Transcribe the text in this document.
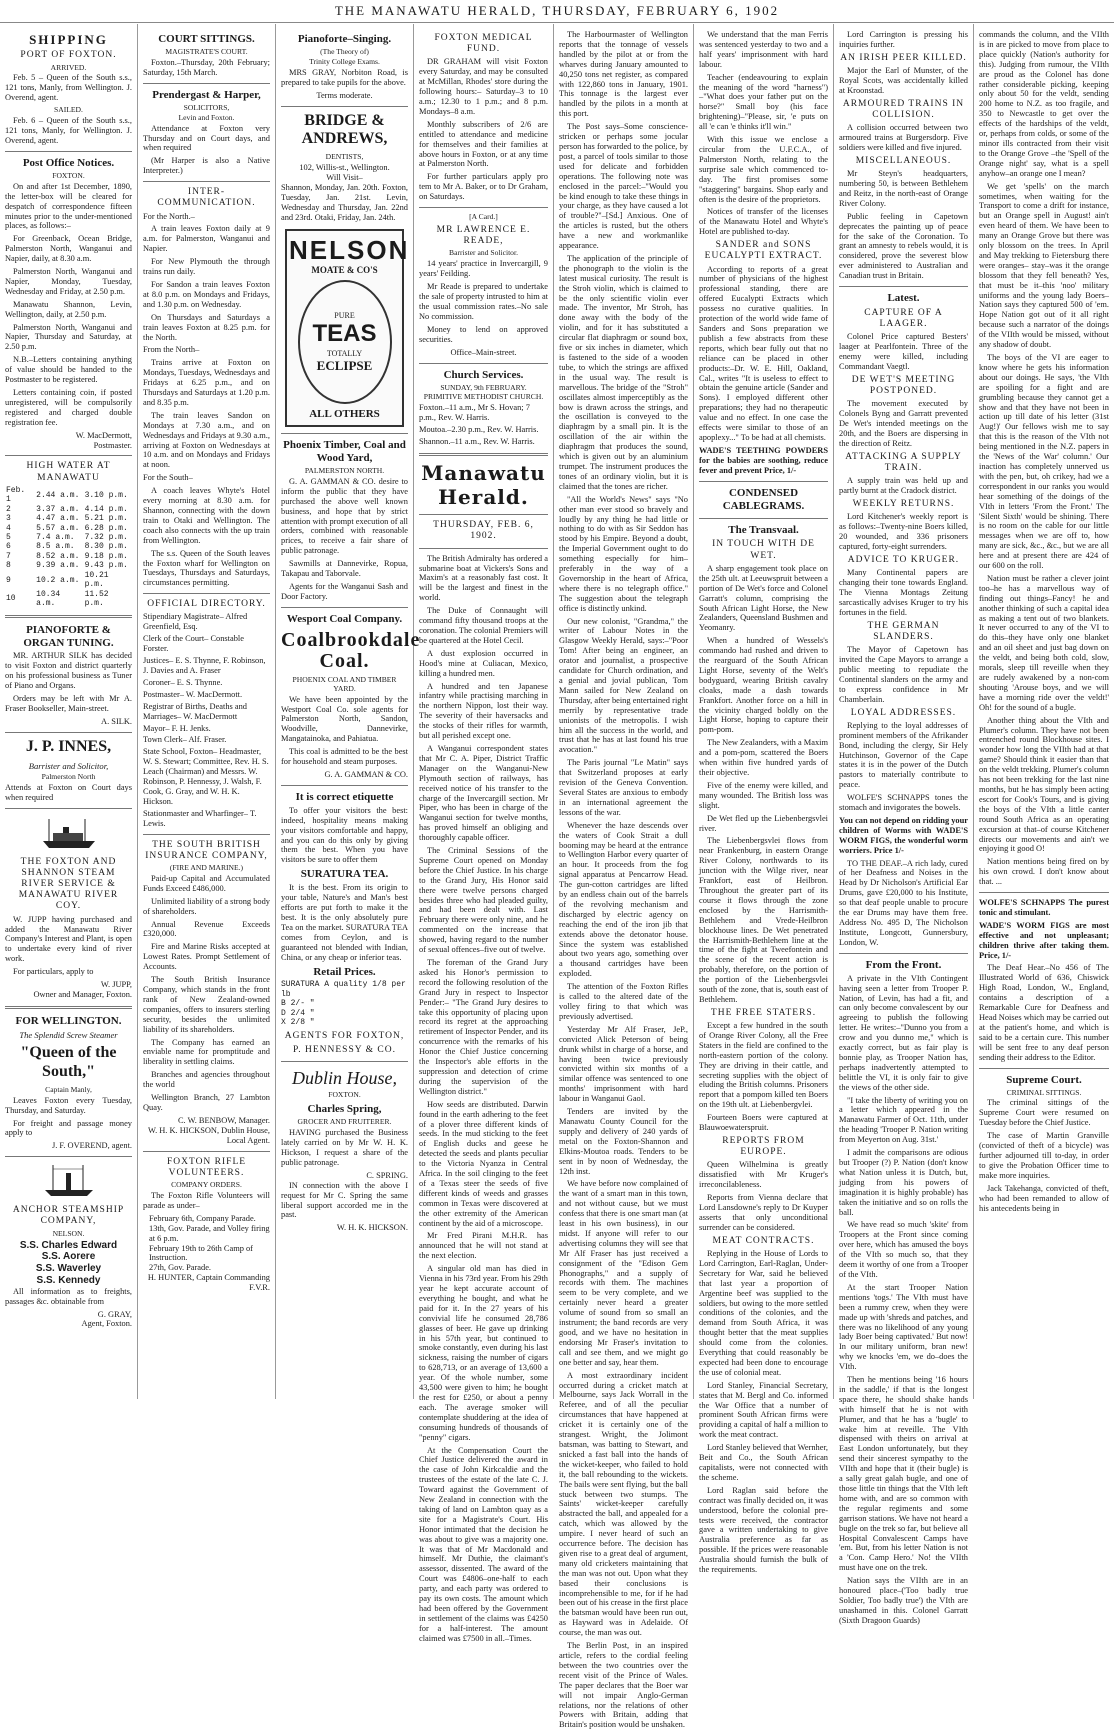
THE MANAWATU HERALD, THURSDAY, FEBRUARY 6, 1902
SHIPPING
PORT OF FOXTON.
ARRIVED.

Feb. 5 – Queen of the South s.s., 121 tons, Manly, from Wellington. J. Overend, agent.

SAILED.

Feb. 6 – Queen of the South s.s., 121 tons, Manly, for Wellington. J. Overend, agent.

Post Office Notices.
FOXTON.

On and after 1st December, 1890, the letter-box will be cleared for despatch of correspondence fifteen minutes prior to the under-mentioned places, as follows:–

For Greenback, Ocean Bridge, Palmerston North, Wanganui and Napier, daily, at 8.30 a.m.

Palmerston North, Wanganui and Napier, Monday, Tuesday, Wednesday and Friday, at 2.50 p.m.

Manawatu Shannon, Levin, Wellington, daily, at 2.50 p.m.

Palmerston North, Wanganui and Napier, Thursday and Saturday, at 2.50 p.m.

N.B.–Letters containing anything of value should be handed to the Postmaster to be registered.

Letters containing coin, if posted unregistered, will be compulsorily registered and charged double registration fee.

W. MacDermott,
Postmaster.
HIGH WATER AT MANAWATU
Feb. 1	2.44 a.m.	3.10 p.m.
2	3.37 a.m.	4.14 p.m.
3	4.47 a.m.	5.21 p.m.
4	5.57 a.m.	6.28 p.m.
5	7.4 a.m.	7.32 p.m.
6	8.5 a.m.	8.30 p.m.
7	8.52 a.m.	9.18 p.m.
8	9.39 a.m.	9.43 p.m.
9	10.2 a.m.	10.21 p.m.
10	10.34 a.m.	11.52 p.m.
PIANOFORTE & ORGAN TUNING.

MR. ARTHUR SILK has decided to visit Foxton and district quarterly on his professional business as Tuner of Piano and Organs.

Orders may be left with Mr A. Fraser Bookseller, Main-street.

A. SILK.
J. P. INNES,
Barrister and Solicitor,
Palmerston North

Attends at Foxton on Court days when required

THE FOXTON AND SHANNON STEAM RIVER SERVICE & MANAWATU RIVER COY.

W. JUPP having purchased and added the Manawatu River Company's Interest and Plant, is open to undertake every kind of river work.

For particulars, apply to

W. JUPP,
Owner and Manager, Foxton.
FOR WELLINGTON.
The Splendid Screw Steamer
"Queen of the South,"
Captain Manly,

Leaves Foxton every Tuesday, Thursday, and Saturday.

For freight and passage money apply to

J. F. OVEREND, agent.
ANCHOR STEAMSHIP COMPANY,
NELSON.
S.S. Charles Edward
S.S. Aorere
S.S. Waverley
S.S. Kennedy

All information as to freights, passages &c. obtainable from

G. GRAY,
Agent, Foxton.
COURT SITTINGS.
MAGISTRATE'S COURT.

Foxton.–Thursday, 20th February; Saturday, 15th March.

Prendergast & Harper,
SOLICITORS,
Levin and Foxton.

Attendance at Foxton very Thursday and on Court days, and when required

(Mr Harper is also a Native Interpreter.)

INTER-COMMUNICATION.

For the North.–

A train leaves Foxton daily at 9 a.m. for Palmerston, Wanganui and Napier.

For New Plymouth the through trains run daily.

For Sandon a train leaves Foxton at 8.0 p.m. on Mondays and Fridays, and 1.30 p.m. on Wednesday.

On Thursdays and Saturdays a train leaves Foxton at 8.25 p.m. for the North.

From the North–

Trains arrive at Foxton on Mondays, Tuesdays, Wednesdays and Fridays at 6.25 p.m., and on Thursdays and Saturdays at 1.20 p.m. and 8.35 p.m.

The train leaves Sandon on Mondays at 7.30 a.m., and on Wednesdays and Fridays at 9.30 a.m., arriving at Foxton on Wednesdays at 10 a.m. and on Mondays and Fridays at noon.

For the South–

A coach leaves Whyte's Hotel every morning at 8.30 a.m. for Shannon, connecting with the down train to Otaki and Wellington. The coach also connects with the up train from Wellington.

The s.s. Queen of the South leaves the Foxton wharf for Wellington on Tuesdays, Thursdays and Saturdays, circumstances permitting.

OFFICIAL DIRECTORY.
Stipendiary Magistrate– Alfred Greenfield, Esq.
Clerk of the Court– Constable Forster.
Justices– E. S. Thynne, F. Robinson, J. Davies and A. Fraser
Coroner– E. S. Thynne.
Postmaster– W. MacDermott.
Registrar of Births, Deaths and Marriages– W. MacDermott
Mayor– F. H. Jenks.
Town Clerk– Alf. Fraser.
State School, Foxton– Headmaster, W. S. Stewart; Committee, Rev. H. S. Leach (Chairman) and Messrs. W. Robinson, P. Hennessy, J. Walsh, F. Cook, G. Gray, and W. H. K. Hickson.
Stationmaster and Wharfinger– T. Lewis.
THE SOUTH BRITISH INSURANCE COMPANY,
(FIRE AND MARINE.)

Paid-up Capital and Accumulated Funds Exceed £486,000.

Unlimited liability of a strong body of shareholders.

Annual Revenue Exceeds £320,000.

Fire and Marine Risks accepted at Lowest Rates. Prompt Settlement of Accounts.

The South British Insurance Company, which stands in the front rank of New Zealand-owned companies, offers to insurers sterling security, besides the unlimited liability of its shareholders.

The Company has earned an enviable name for promptitude and liberality in settling claims.

Branches and agencies throughout the world

Wellington Branch, 27 Lambton Quay.

C. W. BENBOW, Manager.
W. H. K. HICKSON, Dublin House, Local Agent.
FOXTON RIFLE VOLUNTEERS.
COMPANY ORDERS.

The Foxton Rifle Volunteers will parade as under–

February 6th, Company Parade.
13th, Gov. Parade, and Volley firing at 6 p.m.
February 19th to 26th Camp of Instruction.
27th, Gov. Parade.
H. HUNTER, Captain Commanding F.V.R.
Pianoforte–Singing.
(The Theory of)
Trinity College Exams.

MRS GRAY, Norbiton Road, is prepared to take pupils for the above.

Terms moderate.
BRIDGE & ANDREWS,
DENTISTS,
102, Willis-st., Wellington.
Will Visit–

Shannon, Monday, Jan. 20th. Foxton, Tuesday, Jan. 21st. Levin, Wednesday and Thursday, Jan. 22nd and 23rd. Otaki, Friday, Jan. 24th.

NELSON
MOATE & CO'S
PURE
TEAS
TOTALLY
ECLIPSE
ALL OTHERS
Phoenix Timber, Coal and Wood Yard,
PALMERSTON NORTH.

G. A. GAMMAN & CO. desire to inform the public that they have purchased the above well known business, and hope that by strict attention with prompt execution of all orders, combined with reasonable prices, to receive a fair share of public patronage.

Sawmills at Dannevirke, Ropua, Takapau and Taborvale.

Agents for the Wanganui Sash and Door Factory.

Wesport Coal Company.
Coalbrookdale Coal.
PHOENIX COAL AND TIMBER YARD.

We have been appointed by the Westport Coal Co. sole agents for Palmerston North, Sandon, Woodville, Dannevirke, Mangatainoka, and Pahiatua.

This coal is admitted to be the best for household and steam purposes.

G. A. GAMMAN & CO.
It is correct etiquette

To offer your visitors the best: indeed, hospitality means making your visitors comfortable and happy, and you can do this only by giving them the best. When you have visitors be sure to offer them

SURATURA TEA.

It is the best. From its origin to your table, Nature's and Man's best efforts are put forth to make it the best. It is the only absolutely pure Tea on the market. SURATURA TEA comes from Ceylon, and is guaranteed not blended with Indian, China, or any cheap or inferior teas.

Retail Prices.
SURATURA A quality 1/8 per lb
B 2/- "
D 2/4 "
X 2/8 "
AGENTS FOR FOXTON,
P. HENNESSY & CO.
Dublin House,
FOXTON.
Charles Spring,
GROCER AND FRUITERER.

HAVING purchased the Business lately carried on by Mr W. H. K. Hickson, I request a share of the public patronage.

C. SPRING.

IN connection with the above I request for Mr C. Spring the same liberal support accorded me in the past.

W. H. K. HICKSON.
FOXTON MEDICAL FUND.

DR GRAHAM will visit Foxton every Saturday, and may be consulted at McMillan, Rhodes' store during the following hours:– Saturday–3 to 10 a.m.; 12.30 to 1 p.m.; and 8 p.m. Mondays–8 a.m.

Monthly subscribers of 2/6 are entitled to attendance and medicine for themselves and their families at above hours in Foxton, or at any time at Palmerston North.

For further particulars apply pro tem to Mr A. Baker, or to Dr Graham, on Saturdays.

[A Card.]
MR LAWRENCE E. READE,
Barrister and Solicitor.

14 years' practice in Invercargill, 9 years' Feilding.

Mr Reade is prepared to undertake the sale of property intrusted to him at the usual commission rates.–No sale No commission.

Money to lend on approved securities.

Office–Main-street.
Church Services.
SUNDAY, 9th FEBRUARY.
PRIMITIVE METHODIST CHURCH.
Foxton.–11 a.m., Mr S. Hovan; 7 p.m., Rev. W. Harris.
Moutoa.–2.30 p.m., Rev. W. Harris.
Shannon.–11 a.m., Rev. W. Harris.
Manawatu Herald.
THURSDAY, FEB. 6, 1902.

The British Admiralty has ordered a submarine boat at Vickers's Sons and Maxim's at a reasonably fast cost. It will be the largest and finest in the world.

The Duke of Connaught will command fifty thousand troops at the coronation. The colonial Premiers will be quartered at the Hotel Cecil.

A dust explosion occurred in Hood's mine at Culiacan, Mexico, killing a hundred men.

A hundred and ten Japanese infantry while practising marching in the northern Nippon, lost their way. The severity of their haversacks and the stocks of their rifles for warmth, but all perished except one.

A Wanganui correspondent states that Mr C. A. Piper, District Traffic Manager on the Wanganui-New Plymouth section of railways, has received notice of his transfer to the charge of the Invercargill section. Mr Piper, who has been in charge of the Wanganui section for twelve months, has proved himself an obliging and thoroughly capable officer.

The Criminal Sessions of the Supreme Court opened on Monday before the Chief Justice. In his charge to the Grand Jury, His Honor said there were twelve persons charged besides three who had pleaded guilty, and had been dealt with. Last February there were only nine, and he commented on the increase that showed, having regard to the number of sexual offences–five out of twelve.

The foreman of the Grand Jury asked his Honor's permission to record the following resolution of the Grand Jury in respect to Inspector Pender:– "The Grand Jury desires to take this opportunity of placing upon record its regret at the approaching retirement of Inspector Pender, and its concurrence with the remarks of his Honor the Chief Justice concerning the Inspector's able efforts in the suppression and detection of crime during the supervision of the Wellington district."

How seeds are distributed. Darwin found in the earth adhering to the feet of a plover three different kinds of seeds. In the mud sticking to the feet of English ducks and geese he detected the seeds and plants peculiar to the Victoria Nyanza in Central Africa. In the soil clinging to the feet of a Texas steer the seeds of five different kinds of weeds and grasses common in Texas were discovered at the other extremity of the American continent by the aid of a microscope.

Mr Fred Pirani M.H.R. has announced that he will not stand at the next election.

A singular old man has died in Vienna in his 73rd year. From his 29th year he kept accurate account of everything he bought, and what he paid for it. In the 27 years of his convivial life he consumed 28,786 glasses of beer. He gave up drinking in his 57th year, but continued to smoke constantly, even during his last sickness, raising the number of cigars to 628,713, or an average of 13,600 a year. Of the whole number, some 43,500 were given to him; he bought the rest for £250, or about a penny each. The average smoker will contemplate shuddering at the idea of consuming hundreds of thousands of "penny" cigars.

At the Compensation Court the Chief Justice delivered the award in the case of John Kirkcaldie and the trustees of the estate of the late C. J. Toward against the Government of New Zealand in connection with the taking of land on Lambton quay as a site for a Magistrate's Court. His Honor intimated that the decision he was about to give was a majority one. It was that of Mr Macdonald and himself. Mr Duthie, the claimant's assessor, dissented. The award of the Court was £4806–one-half to each party, and each party was ordered to pay its own costs. The amount which had been offered by the Government in settlement of the claims was £4250 for a half-interest. The amount claimed was £7500 in all.–Times.

The Harbourmaster of Wellington reports that the tonnage of vessels handled by the pilot at or from the wharves during January amounted to 40,250 tons net register, as compared with 122,860 tons in January, 1901. This tonnage is the largest ever handled by the pilots in a month at this port.

The Post says–Some conscience-stricken or perhaps some jocular person has forwarded to the police, by post, a parcel of tools similar to those used for delicate and forbidden operations. The following note was enclosed in the parcel:–"Would you be kind enough to take these things in your charge, as they have caused a lot of trouble?"–[Sd.] Anxious. One of the articles is rusted, but the others have a new and workmanlike appearance.

The application of the principle of the phonograph to the violin is the latest musical curiosity. The result is the Stroh violin, which is claimed to be the only scientific violin ever made. The inventor, Mr Stroh, has done away with the body of the violin, and for it has substituted a circular flat diaphragm or sound box, five or six inches in diameter, which is fastened to the side of a wooden tube, to which the strings are affixed in the usual way. The result is marvellous. The bridge of the "Stroh" oscillates almost imperceptibly as the bow is drawn across the strings, and the oscillation is conveyed to the diaphragm by a small pin. It is the oscillation of the air within the diaphragm that produces the sound, which is given out by an aluminium trumpet. The instrument produces the tones of an ordinary violin, but it is claimed that the tones are richer.

"All the World's News" says "No other man ever stood so bravely and loudly by any thing he had little or nothing to do with as Sir Seddon has stood by his Empire. Beyond a doubt, the Imperial Government ought to do something especially for him–preferably in the way of a Governorship in the heart of Africa, where there is no telegraph office." The suggestion about the telegraph office is distinctly unkind.

Our new colonist, "Grandma," the writer of Labour Notes in the Glasgow Weekly Herald, says:–"Poor Tom! After being an engineer, an orator and journalist, a prospective candidate for Church ordination, and a genial and jovial publican, Tom Mann sailed for New Zealand on Thursday, after being entertained right merrily by representative trade unionists of the metropolis. I wish him all the success in the world, and trust that he has at last found his true avocation."

The Paris journal "Le Matin" says that Switzerland proposes at early revision of the Geneva Convention. Several States are anxious to embody in an international agreement the lessons of the war.

Whenever the haze descends over the waters of Cook Strait a dull booming may be heard at the entrance to Wellington Harbor every quarter of an hour. It proceeds from the fog signal apparatus at Pencarrow Head. The gun-cotton cartridges are lifted by an endless chain out of the barrels of the revolving mechanism and discharged by electric agency on reaching the end of the iron jib that extends above the detonator house. Since the system was established about two years ago, something over a thousand cartridges have been exploded.

The attention of the Foxton Rifles is called to the altered date of the volley firing to that which was previously advertised.

Yesterday Mr Alf Fraser, JeP., convicted Alick Peterson of being drunk whilst in charge of a horse, and having been twice previously convicted within six months of a similar offence was sentenced to one months' imprisonment with hard labour in Wanganui Gaol.

Tenders are invited by the Manawatu County Council for the supply and delivery of 240 yards of metal on the Foxton-Shannon and Elkins-Moutoa roads. Tenders to be sent in by noon of Wednesday, the 12th inst.

We have before now complained of the want of a smart man in this town, and not without cause, but we must confess that there is one smart man (at least in his own business), in our midst. If anyone will refer to our advertising columns they will see that Mr Alf Fraser has just received a consignment of the "Edison Gem Phonographs," and a supply of records with them. The machines seem to be very complete, and we certainly never heard a greater volume of sound from so small an instrument; the band records are very good, and we have no hesitation in endorsing Mr Fraser's invitation to call and see them, and we might go one better and say, hear them.

A most extraordinary incident occurred during a cricket match at Melbourne, says Jack Worrall in the Referee, and of all the peculiar circumstances that have happened at cricket it is certainly one of the strangest. Wright, the Jolimont batsman, was batting to Stewart, and snicked a fast ball into the hands of the wicket-keeper, who failed to hold it, the ball rebounding to the wickets. The bails were sent flying, but the ball stuck between two stumps. The Saints' wicket-keeper carefully abstracted the ball, and appealed for a catch, which was allowed by the umpire. I never heard of such an occurrence before. The decision has given rise to a great deal of argument, many old cricketers maintaining that the man was not out. Upon what they based their conclusions is incomprehensible to me, for if he had been out of his crease in the first place the batsman would have been run out, as Hayward was in Adelaide. Of course, the man was out.

The Berlin Post, in an inspired article, refers to the cordial feeling between the two countries over the recent visit of the Prince of Wales. The paper declares that the Boer war will not impair Anglo-German relations, nor the relations of other Powers with Britain, adding that Britain's position would be unshaken.

We understand that the man Ferris was sentenced yesterday to two and a half years' imprisonment with hard labour.

Teacher (endeavouring to explain the meaning of the word "harness") –"What does your father put on the horse?" Small boy (his face brightening)–"Please, sir, 'e puts on all 'e can 'e thinks it'll win."

With this issue we enclose a circular from the U.F.C.A., of Palmerston North, relating to the surprise sale which commenced to-day. The first promises some "staggering" bargains. Shop early and often is the desire of the proprietors.

Notices of transfer of the licenses of the Manawatu Hotel and Whyte's Hotel are published to-day.

SANDER and SONS EUCALYPTI EXTRACT.

According to reports of a great number of physicians of the highest professional standing, there are offered Eucalypti Extracts which possess no curative qualities. In protection of the world wide fame of Sanders and Sons preparation we publish a few abstracts from these reports, which bear fully out that no reliance can be placed in other products:–Dr. W. E. Hill, Oakland, Cal., writes "It is useless to effect to obtain the genuine article (Sander and Sons). I employed different other preparations; they had no therapeutic value and no effect. In one case the effects were similar to those of an apoplexy..." To be had at all chemists.

WADE'S TEETHING POWDERS for the babies are soothing, reduce fever and prevent Price, 1/-

CONDENSED CABLEGRAMS.
The Transvaal.
IN TOUCH WITH DE WET.

A sharp engagement took place on the 25th ult. at Leeuwspruit between a portion of De Wet's force and Colonel Garratt's column, comprising the South African Light Horse, the New Zealanders, Queensland Bushmen and Yeomanry.

When a hundred of Wessels's commando had rushed and driven to the rearguard of the South African Light Horse, seventy of the Welt's bodyguard, wearing British cavalry cloaks, made a dash towards Frankfort. Another force on a hill in the vicinity charged boldly on the Light Horse, hoping to capture their pom-pom.

The New Zealanders, with a Maxim and a pom-pom, scattered the Boers when within five hundred yards of their objective.

Five of the enemy were killed, and many wounded. The British loss was slight.

De Wet fled up the Liebenbergsvlei river.

The Liebenbergsvlei flows from near Frankenburg, in eastern Orange River Colony, northwards to its junction with the Wilge river, near Frankfort, east of Heilbron. Throughout the greater part of its course it flows through the zone enclosed by the Harrismith-Bethlehem and Vrede-Heilbron blockhouse lines. De Wet penetrated the Harrismith-Bethlehem line at the time of the fight at Tweefontein and the scene of the recent action is probably, therefore, on the portion of the portion of the Liebenbergsvlei south of the zone, that is, south east of Bethlehem.

THE FREE STATERS.

Except a few hundred in the south of Orange River Colony, all the Free Staters in the field are confined to the north-eastern portion of the colony. They are driving in their cattle, and secreting supplies with the object of eluding the British columns. Prisoners report that a pompom killed ten Boers on the 19th ult. at Liebenbergvlei.

Fourteen Boers were captured at Blauwoewaterspruit.

REPORTS FROM EUROPE.

Queen Wilhelmina is greatly dissatisfied with Mr Kruger's irreconcilableness.

Reports from Vienna declare that Lord Lansdowne's reply to Dr Kuyper asserts that only unconditional surrender can be considered.

MEAT CONTRACTS.

Replying in the House of Lords to Lord Carrington, Earl-Raglan, Under-Secretary for War, said he believed that last year a proportion of Argentine beef was supplied to the soldiers, but owing to the more settled conditions of the colonies, and the demand from South Africa, it was thought better that the meat supplies should come from the colonies. Everything that could reasonably be expected had been done to encourage the use of colonial meat.

Lord Stanley, Financial Secretary, states that M. Bergl and Co. informed the War Office that a number of prominent South African firms were providing a capital of half a million to work the meat contract.

Lord Stanley believed that Wernher, Beit and Co., the South African capitalists, were not connected with the scheme.

Lord Raglan said before the contract was finally decided on, it was understood, before the colonial pre-tests were received, the contractor gave a written undertaking to give Australia preference as far as possible. If the prices were reasonable Australia should furnish the bulk of the requirements.

Lord Carrington is pressing his inquiries further.

AN IRISH PEER KILLED.

Major the Earl of Munster, of the Royal Scots, was accidentally killed at Kroonstad.

ARMOURED TRAINS IN COLLISION.

A collision occurred between two armoured trains at Burgersdorp. Five soldiers were killed and five injured.

MISCELLANEOUS.

Mr Steyn's headquarters, numbering 50, is between Bethlehem and Reitz, in the north-east of Orange River Colony.

Public feeling in Capetown deprecates the painting up of peace for the sake of the Coronation. To grant an amnesty to rebels would, it is considered, prove the severest blow ever administered to Australian and Canadian trust in Britain.

Latest.
CAPTURE OF A LAAGER.

Colonel Price captured Besters' laager at Pearlfontein. Three of the enemy were killed, including Commandant Vaegtl.

DE WET'S MEETING POSTPONED.

The movement executed by Colonels Byng and Garratt prevented De Wet's intended meetings on the 20th, and the Boers are dispersing in the direction of Reitz.

ATTACKING A SUPPLY TRAIN.

A supply train was held up and partly burnt at the Cradock district.

WEEKLY RETURNS.

Lord Kitchener's weekly report is as follows:–Twenty-nine Boers killed, 20 wounded, and 336 prisoners captured, forty-eight surrenders.

ADVICE TO KRUGER.

Many Continental papers are changing their tone towards England. The Vienna Montags Zeitung sarcastically advises Kruger to try his fortunes in the field.

THE GERMAN SLANDERS.

The Mayor of Capetown has invited the Cape Mayors to arrange a public meeting to repudiate the Continental slanders on the army and to express confidence in Mr Chamberlain.

LOYAL ADDRESSES.

Replying to the loyal addresses of prominent members of the Afrikander Bond, including the clergy, Sir Hely Hutchinson, Governor of the Cape states it is in the power of the Dutch pastors to materially contribute to peace.

WOLFE'S SCHNAPPS tones the stomach and invigorates the bowels.

You can not depend on ridding your children of Worms with WADE'S WORM FIGS, the wonderful worm worriers. Price 1/-

TO THE DEAF.–A rich lady, cured of her Deafness and Noises in the Head by Dr Nicholson's Artificial Ear Drums, gave £20,000 to his Institute, so that deaf people unable to procure the ear Drums may have them free. Address No. 495 D, The Nicholson Institute, Longcott, Gunnersbury, London, W.

From the Front.

A private in the VIth Contingent having seen a letter from Trooper P. Nation, of Levin, has had a fit, and can only become convalescent by our agreeing to publish the following letter. He writes:–"Dunno you from a crow and you dunno me," which is exactly correct, but as fair play is bonnie play, as Trooper Nation has, perhaps inadvertently attempted to belittle the VI, it is only fair to give the views of the other side.

"I take the liberty of writing you on a letter which appeared in the Manawatu Farmer of Oct. 11th, under the heading 'Trooper P. Nation writing from Meyerton on Aug. 31st.'

I admit the comparisons are odious but Trooper (?) P. Nation (don't know what Nation unless it is Dutch, but, judging from his powers of imagination it is highly probable) has taken the initiative and so on rolls the ball.

We have read so much 'skite' from Troopers at the Front since coming over here, which has amused the boys of the VIth so much so, that they deem it worthy of one from a Trooper of the VIth.

At the start Trooper Nation mentions 'togs.' The VIth must have been a rummy crew, when they were made up with 'shreds and patches, and there was no likelihood of any young lady Boer being captivated.' But now! In our military uniform, bran new! why we knocks 'em, we do–does the VIth.

Then he mentions being '16 hours in the saddle,' if that is the longest space there, he should shake hands with himself that he is not with Plumer, and that he has a 'bugle' to wake him at reveille. The VIth dispensed with theirs on arrival at East London unfortunately, but they send their sincerest sympathy to the VIIth and hope that it (their bugle) is a sally great galah bugle, and one of those little tin things that the VIth left home with, and are so common with the regular regiments and some garrison stations. We have not heard a bugle on the trek so far, but believe all Hospital Convalescent Camps have 'em. But, from his letter Nation is not a 'Con. Camp Hero.' No! the VIIth must have one on the trek.

Nation says the VIIth are in an honoured place–('Too badly true Soldier, Too badly true') the VIth are unashamed in this. Colonel Garratt (Sixth Dragoon Guards)

commands the column, and the VIIth is in are picked to move from place to place quickly (Nation's authority for this). Judging from rumour, the VIIth are proud as the Colonel has done rather considerable picking, keeping only about 50 for the veldt, sending 200 home to N.Z. as too fragile, and 350 to Newcastle to get over the effects of the hardships of the veldt, or, perhaps from colds, or some of the minor ills contracted from their visit to the Orange Grove –the 'Spell of the Orange night' say, what is a spell anyhow–an orange one I mean?

We get 'spells' on the march sometimes, when waiting for the Transport to come a drift for instance, but an Orange spell in August! ain't even heard of them. We have been to many an Orange Grove but there was only blossom on the trees. In April and May trekking to Fietersburg there were oranges– stay–was it the orange blossom that they fell beneath? Yes, that must be it–this 'noo' military uniforms and the young lady Boers–Nation says they captured 500 of 'em. Hope Nation got out of it all right because such a narrator of the doings of the VIIth would be missed, without any shadow of doubt.

The boys of the VI are eager to know where he gets his information about our doings. He says, 'the VIth are spoiling for a fight and are grumbling because they cannot get a show and that they have not been in action up till date of his letter (31st Aug!)' Our fellows wish me to say that this is the reason of the VIth not being mentioned in the N.Z. papers in the 'News of the War' column.' Our inaction has completely unnerved us with the pen, but, oh crikey, had we a correspondent in our ranks you would hear something of the doings of the VIth in letters 'From the Front.' The 'Silent Sixth' would be shining. There is no room on the cable for our little messages when we are off to, how many are sick, &c., &c., but we are all here and at present there are 424 of our 600 on the roll.

Nation must be rather a clever joint too–he has a marvellous way of finding out things–Fancy! he and another thinking of such a capital idea as making a tent out of two blankets. It never occurred to any of the VI to do this–they have only one blanket and an oil sheet and just bag down on the veldt, and being both cold, slow, morals, sleep till reveille when they are rudely awakened by a non-com shouting 'Arouse boys, and we will have a morning ride over the veldt!' Oh! for the sound of a bugle.

Another thing about the VIth and Plumer's column. They have not been entrenched round Blockhouse sites. I wonder how long the VIIth had at that game? Should think it easier than that on the veldt trekking. Plumer's column has not been trekking for the last nine months, but he has simply been acting escort for Cook's Tours, and is giving the boys of the VIth a little canter round South Africa as an operating excursion at that–of course Kitchener directs our movements and ain't we enjoying it good O!

Nation mentions being fired on by his own crowd. I don't know about that. ...

WOLFE'S SCHNAPPS The purest tonic and stimulant.

WADE'S WORM FIGS are most effective and not unpleasant; children thrive after taking them. Price, 1/-

The Deaf Hear.–No 456 of The Illustrated World of 636, Chiswick High Road, London, W., England, contains a description of a Remarkable Cure for Deafness and Head Noises which may be carried out at the patient's home, and which is said to be a certain cure. This number will be sent free to any deaf person sending their address to the Editor.

Supreme Court.
CRIMINAL SITTINGS.

The criminal sittings of the Supreme Court were resumed on Tuesday before the Chief Justice.

The case of Martin Granville (convicted of theft of a bicycle) was further adjourned till to-day, in order to give the Probation Officer time to make more inquiries.

Jack Takehanga, convicted of theft, who had been remanded to allow of his antecedents being in
